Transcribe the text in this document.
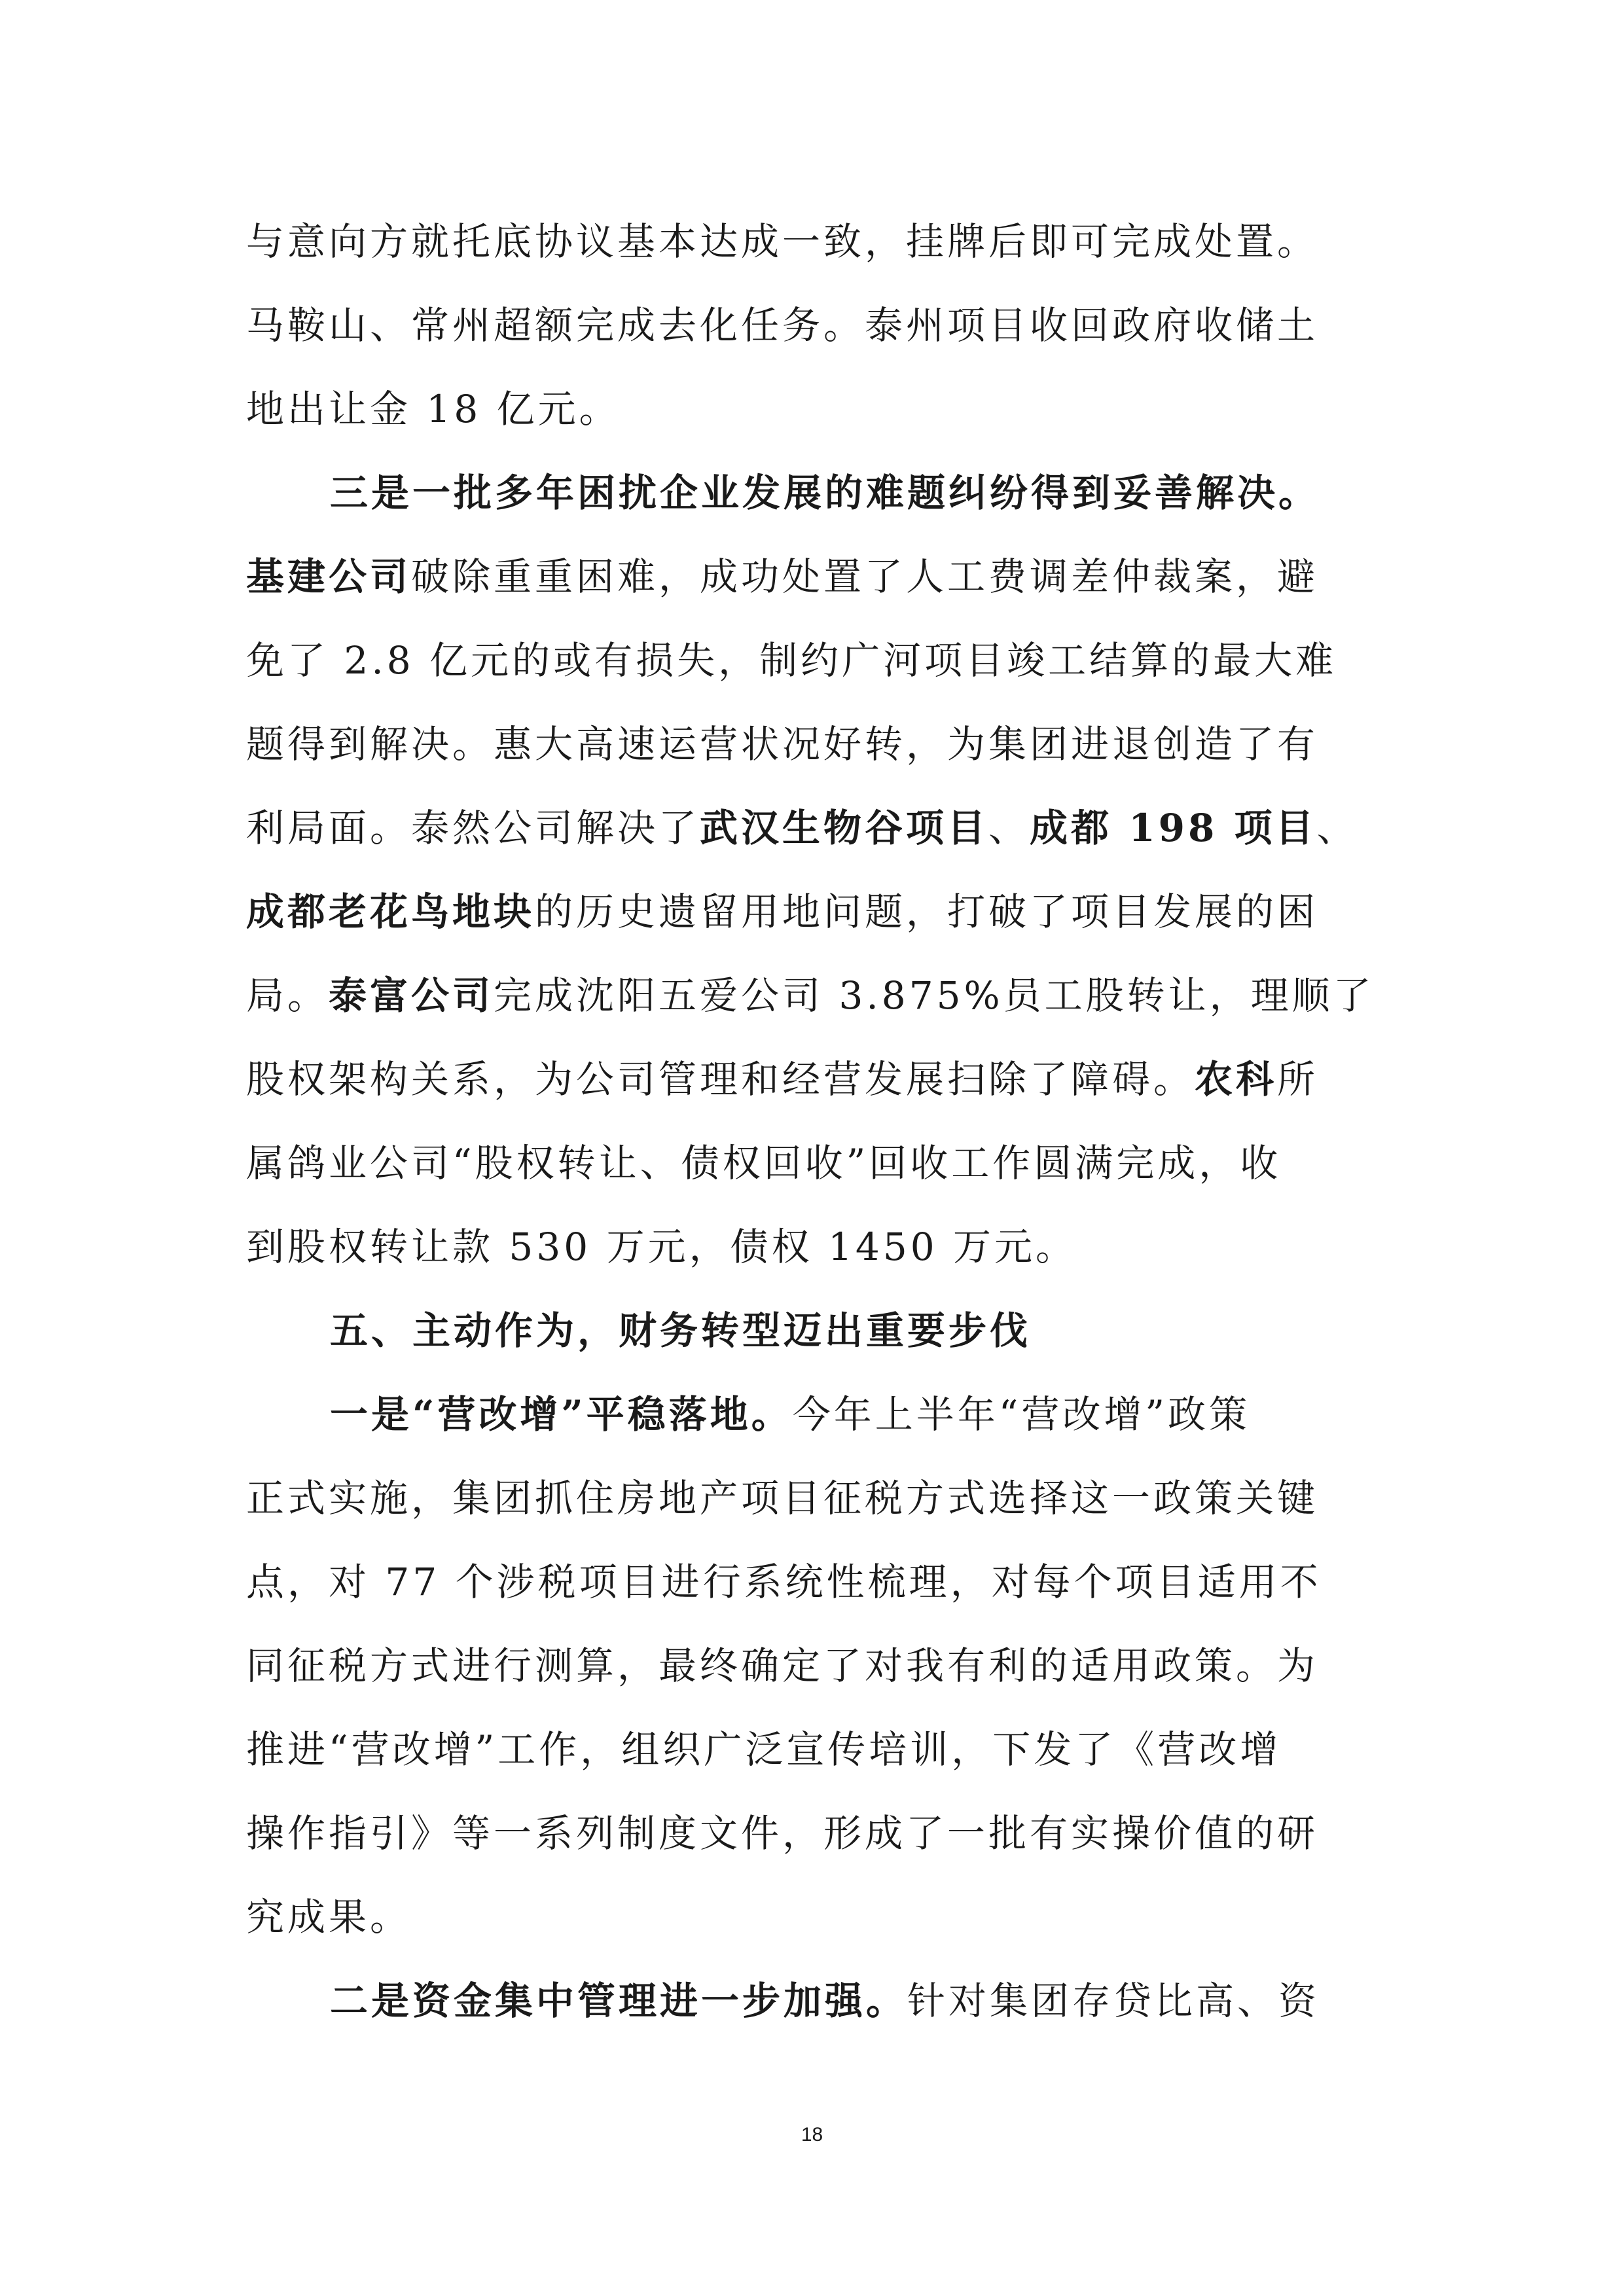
与意向方就托底协议基本达成一致，挂牌后即可完成处置。
马鞍山、常州超额完成去化任务。泰州项目收回政府收储土
地出让金 18 亿元。
三是一批多年困扰企业发展的难题纠纷得到妥善解决。
基建公司破除重重困难，成功处置了人工费调差仲裁案，避
免了 2.8 亿元的或有损失，制约广河项目竣工结算的最大难
题得到解决。惠大高速运营状况好转，为集团进退创造了有
利局面。泰然公司解决了武汉生物谷项目、成都 198 项目、
成都老花鸟地块的历史遗留用地问题，打破了项目发展的困
局。泰富公司完成沈阳五爱公司 3.875%员工股转让，理顺了
股权架构关系，为公司管理和经营发展扫除了障碍。农科所
属鸽业公司“股权转让、债权回收”回收工作圆满完成，收
到股权转让款 530 万元，债权 1450 万元。
五、主动作为，财务转型迈出重要步伐
一是“营改增”平稳落地。今年上半年“营改增”政策
正式实施，集团抓住房地产项目征税方式选择这一政策关键
点，对 77 个涉税项目进行系统性梳理，对每个项目适用不
同征税方式进行测算，最终确定了对我有利的适用政策。为
推进“营改增”工作，组织广泛宣传培训，下发了《营改增
操作指引》等一系列制度文件，形成了一批有实操价值的研
究成果。
二是资金集中管理进一步加强。针对集团存贷比高、资
18
